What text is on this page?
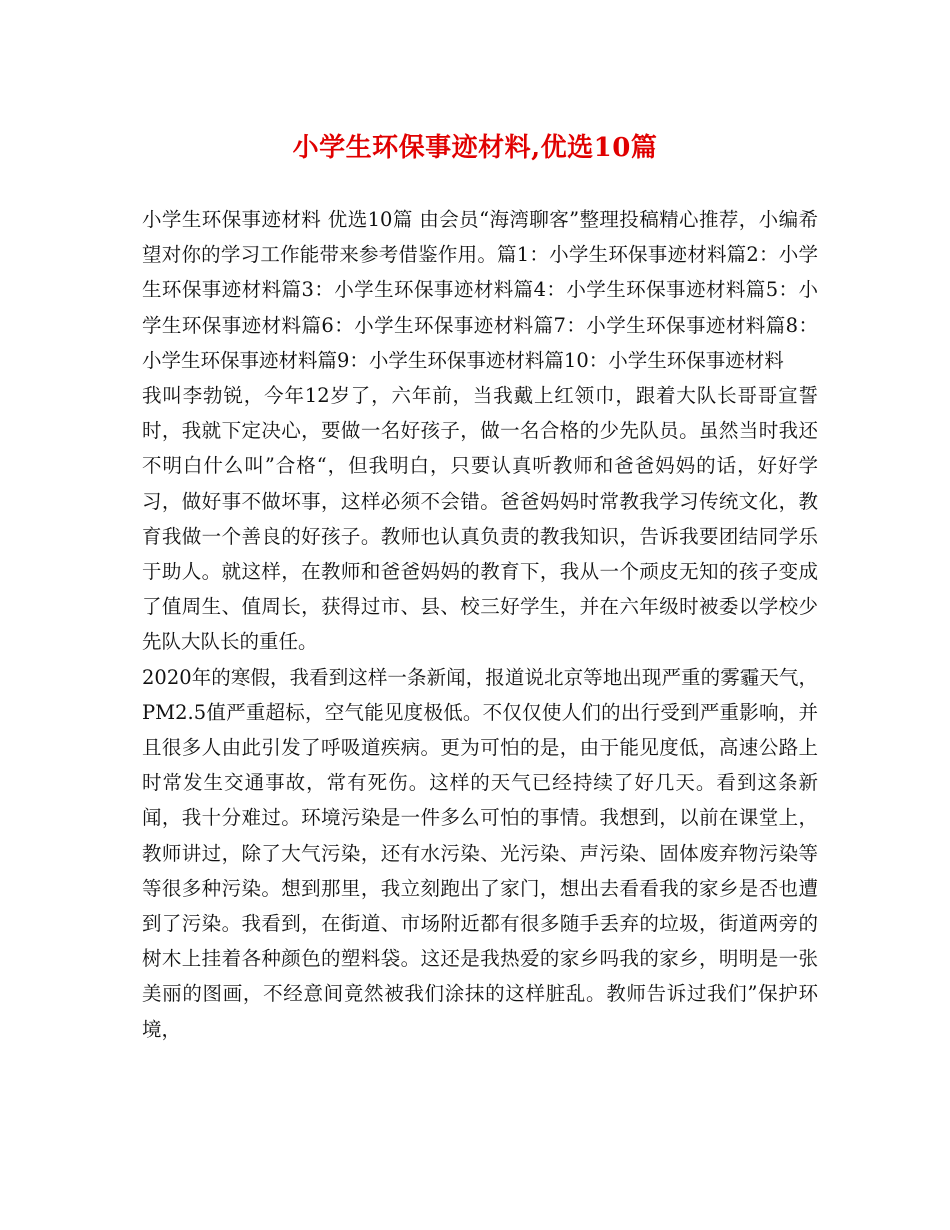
小学生环保事迹材料,优选10篇

小学生环保事迹材料 优选10篇 由会员“海湾聊客”整理投稿精心推荐，小编希望对你的学习工作能带来参考借鉴作用。篇1：小学生环保事迹材料篇2：小学生环保事迹材料篇3：小学生环保事迹材料篇4：小学生环保事迹材料篇5：小学生环保事迹材料篇6：小学生环保事迹材料篇7：小学生环保事迹材料篇8：小学生环保事迹材料篇9：小学生环保事迹材料篇10：小学生环保事迹材料

我叫李勃锐，今年12岁了，六年前，当我戴上红领巾，跟着大队长哥哥宣誓时，我就下定决心，要做一名好孩子，做一名合格的少先队员。虽然当时我还不明白什么叫”合格“，但我明白，只要认真听教师和爸爸妈妈的话，好好学习，做好事不做坏事，这样必须不会错。爸爸妈妈时常教我学习传统文化，教育我做一个善良的好孩子。教师也认真负责的教我知识，告诉我要团结同学乐于助人。就这样，在教师和爸爸妈妈的教育下，我从一个顽皮无知的孩子变成了值周生、值周长，获得过市、县、校三好学生，并在六年级时被委以学校少先队大队长的重任。

2020年的寒假，我看到这样一条新闻，报道说北京等地出现严重的雾霾天气，PM2.5值严重超标，空气能见度极低。不仅仅使人们的出行受到严重影响，并且很多人由此引发了呼吸道疾病。更为可怕的是，由于能见度低，高速公路上时常发生交通事故，常有死伤。这样的天气已经持续了好几天。看到这条新闻，我十分难过。环境污染是一件多么可怕的事情。我想到，以前在课堂上，教师讲过，除了大气污染，还有水污染、光污染、声污染、固体废弃物污染等等很多种污染。想到那里，我立刻跑出了家门，想出去看看我的家乡是否也遭到了污染。我看到，在街道、市场附近都有很多随手丢弃的垃圾，街道两旁的树木上挂着各种颜色的塑料袋。这还是我热爱的家乡吗我的家乡，明明是一张美丽的图画，不经意间竟然被我们涂抹的这样脏乱。教师告诉过我们”保护环境，
